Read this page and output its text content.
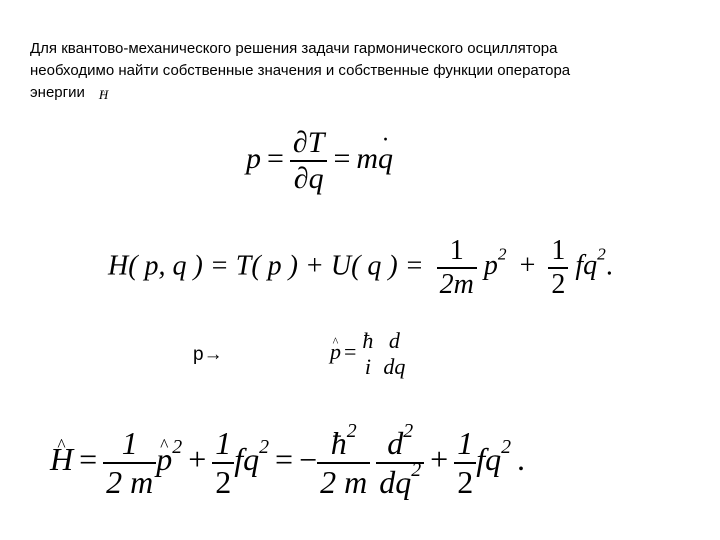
Для квантово-механического решения задачи гармонического осциллятора
необходимо найти собственные значения и собственные функции оператора
энергии ^ H
$p = \frac{\partial T}{\partial q}$ = m˙ q
H( p, q ) = T( p ) + U( q ) = $\frac{1}{2m} p^2 + \frac{1}{2} fq^2$.
p→	^ p = ħ
i
d
dq
^ $H = \frac{1}{2 m}$ ^ $p^2 + \frac{1}{2} fq^2$ = − $\frac{ħ^2}{2 m} \frac{d^2}{dq^2} + \frac{1}{2} fq^2$ .
